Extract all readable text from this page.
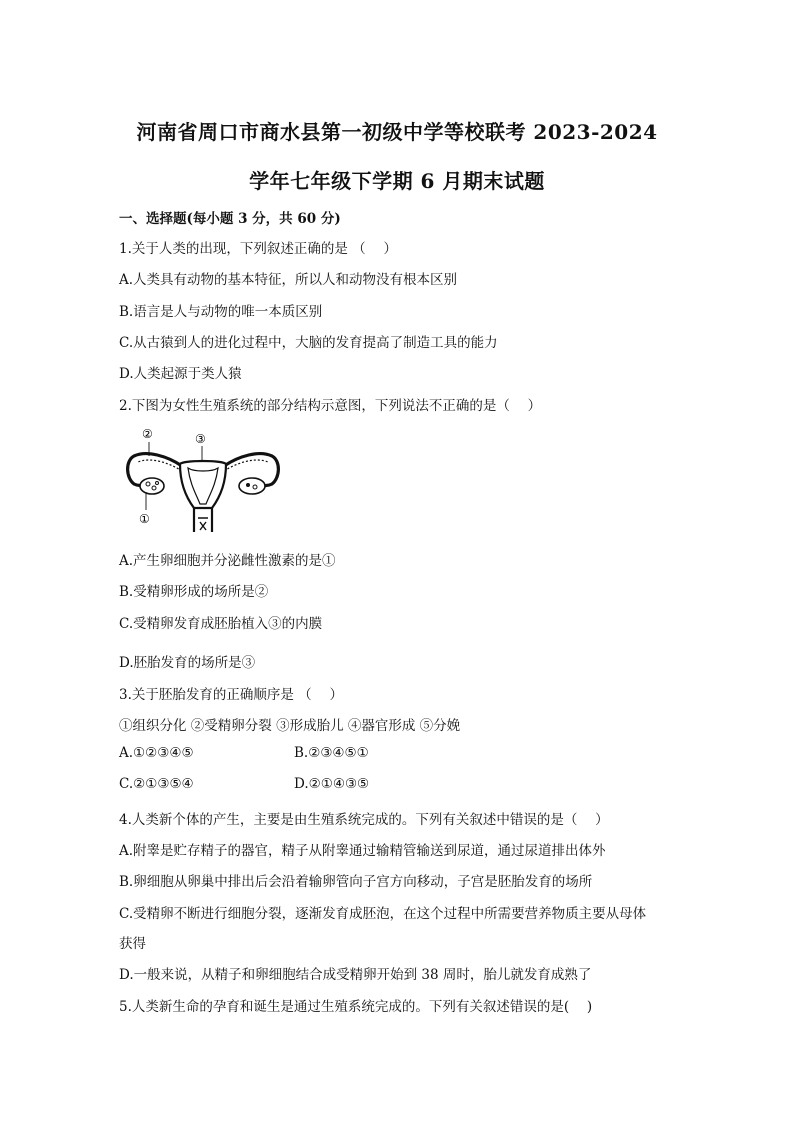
河南省周口市商水县第一初级中学等校联考 2023-2024
学年七年级下学期 6 月期末试题
一、选择题(每小题 3 分，共 60 分)
1.关于人类的出现，下列叙述正确的是 （　 ）
A.人类具有动物的基本特征，所以人和动物没有根本区别
B.语言是人与动物的唯一本质区别
C.从古猿到人的进化过程中，大脑的发育提高了制造工具的能力
D.人类起源于类人猿
2.下图为女性生殖系统的部分结构示意图，下列说法不正确的是（　 ）
②	③
①
A.产生卵细胞并分泌雌性激素的是①
B.受精卵形成的场所是②
C.受精卵发育成胚胎植入③的内膜
D.胚胎发育的场所是③
3.关于胚胎发育的正确顺序是 （　 ）
①组织分化 ②受精卵分裂 ③形成胎儿 ④器官形成 ⑤分娩
A.①②③④⑤	B.②③④⑤①
C.②①③⑤④	D.②①④③⑤
4.人类新个体的产生，主要是由生殖系统完成的。下列有关叙述中错误的是（　 ）
A.附睾是贮存精子的器官，精子从附睾通过输精管输送到尿道，通过尿道排出体外
B.卵细胞从卵巢中排出后会沿着输卵管向子宫方向移动，子宫是胚胎发育的场所
C.受精卵不断进行细胞分裂，逐渐发育成胚泡，在这个过程中所需要营养物质主要从母体
获得
D.一般来说，从精子和卵细胞结合成受精卵开始到 38 周时，胎儿就发育成熟了
5.人类新生命的孕育和诞生是通过生殖系统完成的。下列有关叙述错误的是(　 )
